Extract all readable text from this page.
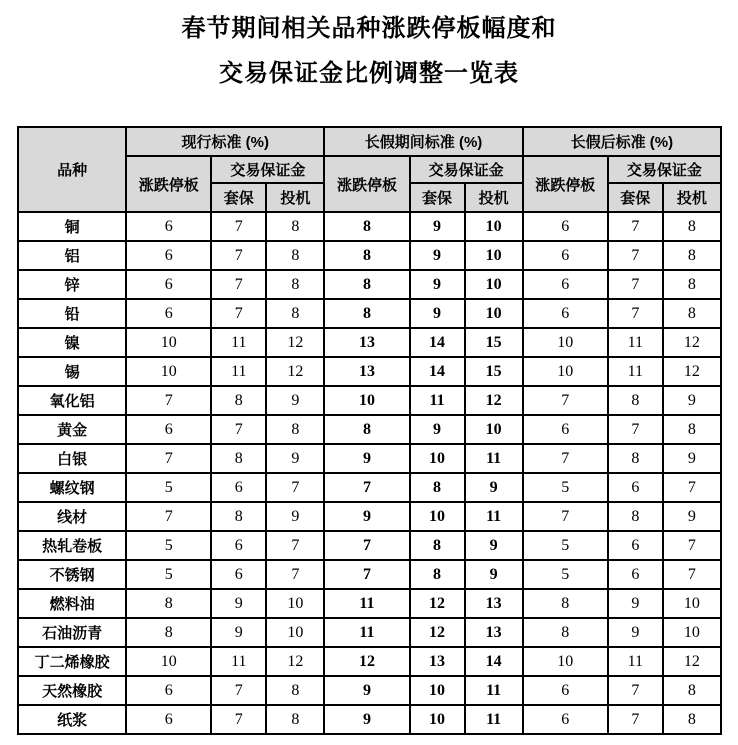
春节期间相关品种涨跌停板幅度和
交易保证金比例调整一览表
品种	现行标准 (%)			长假期间标准 (%)			长假后标准 (%)		
	涨跌停板	交易保证金		涨跌停板	交易保证金		涨跌停板	交易保证金	
		套保	投机		套保	投机		套保	投机
铜	6	7	8	8	9	10	6	7	8
铝	6	7	8	8	9	10	6	7	8
锌	6	7	8	8	9	10	6	7	8
铅	6	7	8	8	9	10	6	7	8
镍	10	11	12	13	14	15	10	11	12
锡	10	11	12	13	14	15	10	11	12
氧化铝	7	8	9	10	11	12	7	8	9
黄金	6	7	8	8	9	10	6	7	8
白银	7	8	9	9	10	11	7	8	9
螺纹钢	5	6	7	7	8	9	5	6	7
线材	7	8	9	9	10	11	7	8	9
热轧卷板	5	6	7	7	8	9	5	6	7
不锈钢	5	6	7	7	8	9	5	6	7
燃料油	8	9	10	11	12	13	8	9	10
石油沥青	8	9	10	11	12	13	8	9	10
丁二烯橡胶	10	11	12	12	13	14	10	11	12
天然橡胶	6	7	8	9	10	11	6	7	8
纸浆	6	7	8	9	10	11	6	7	8
